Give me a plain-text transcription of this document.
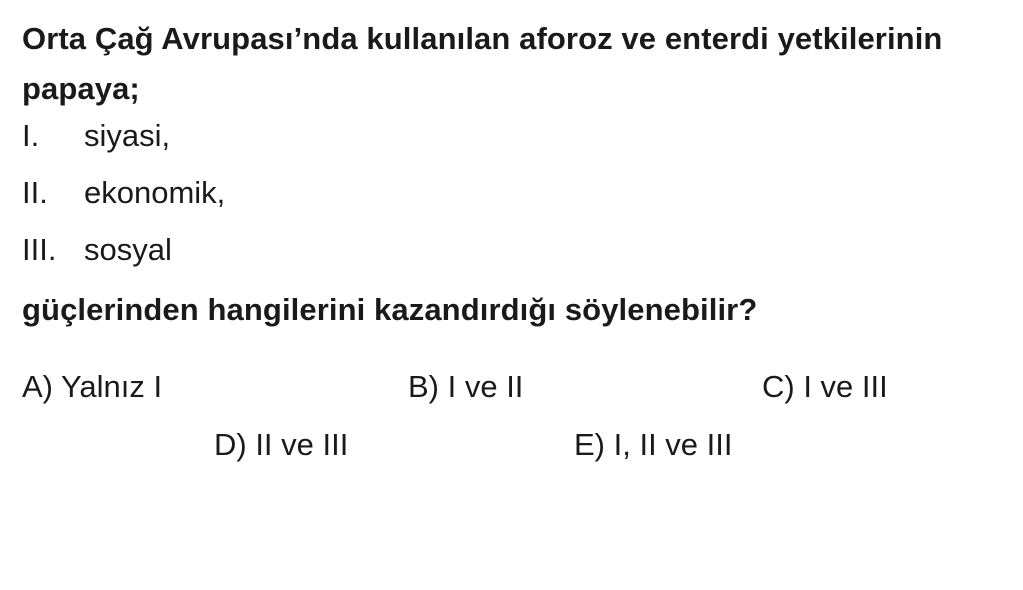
Orta Çağ Avrupası’nda kullanılan aforoz ve enterdi yetkilerinin papaya;
I.	siyasi,
II.	ekonomik,
III. sosyal
güçlerinden hangilerini kazandırdığı söylenebilir?
A) Yalnız I	B) I ve II	C) I ve III
D) II ve III	E) I, II ve III
